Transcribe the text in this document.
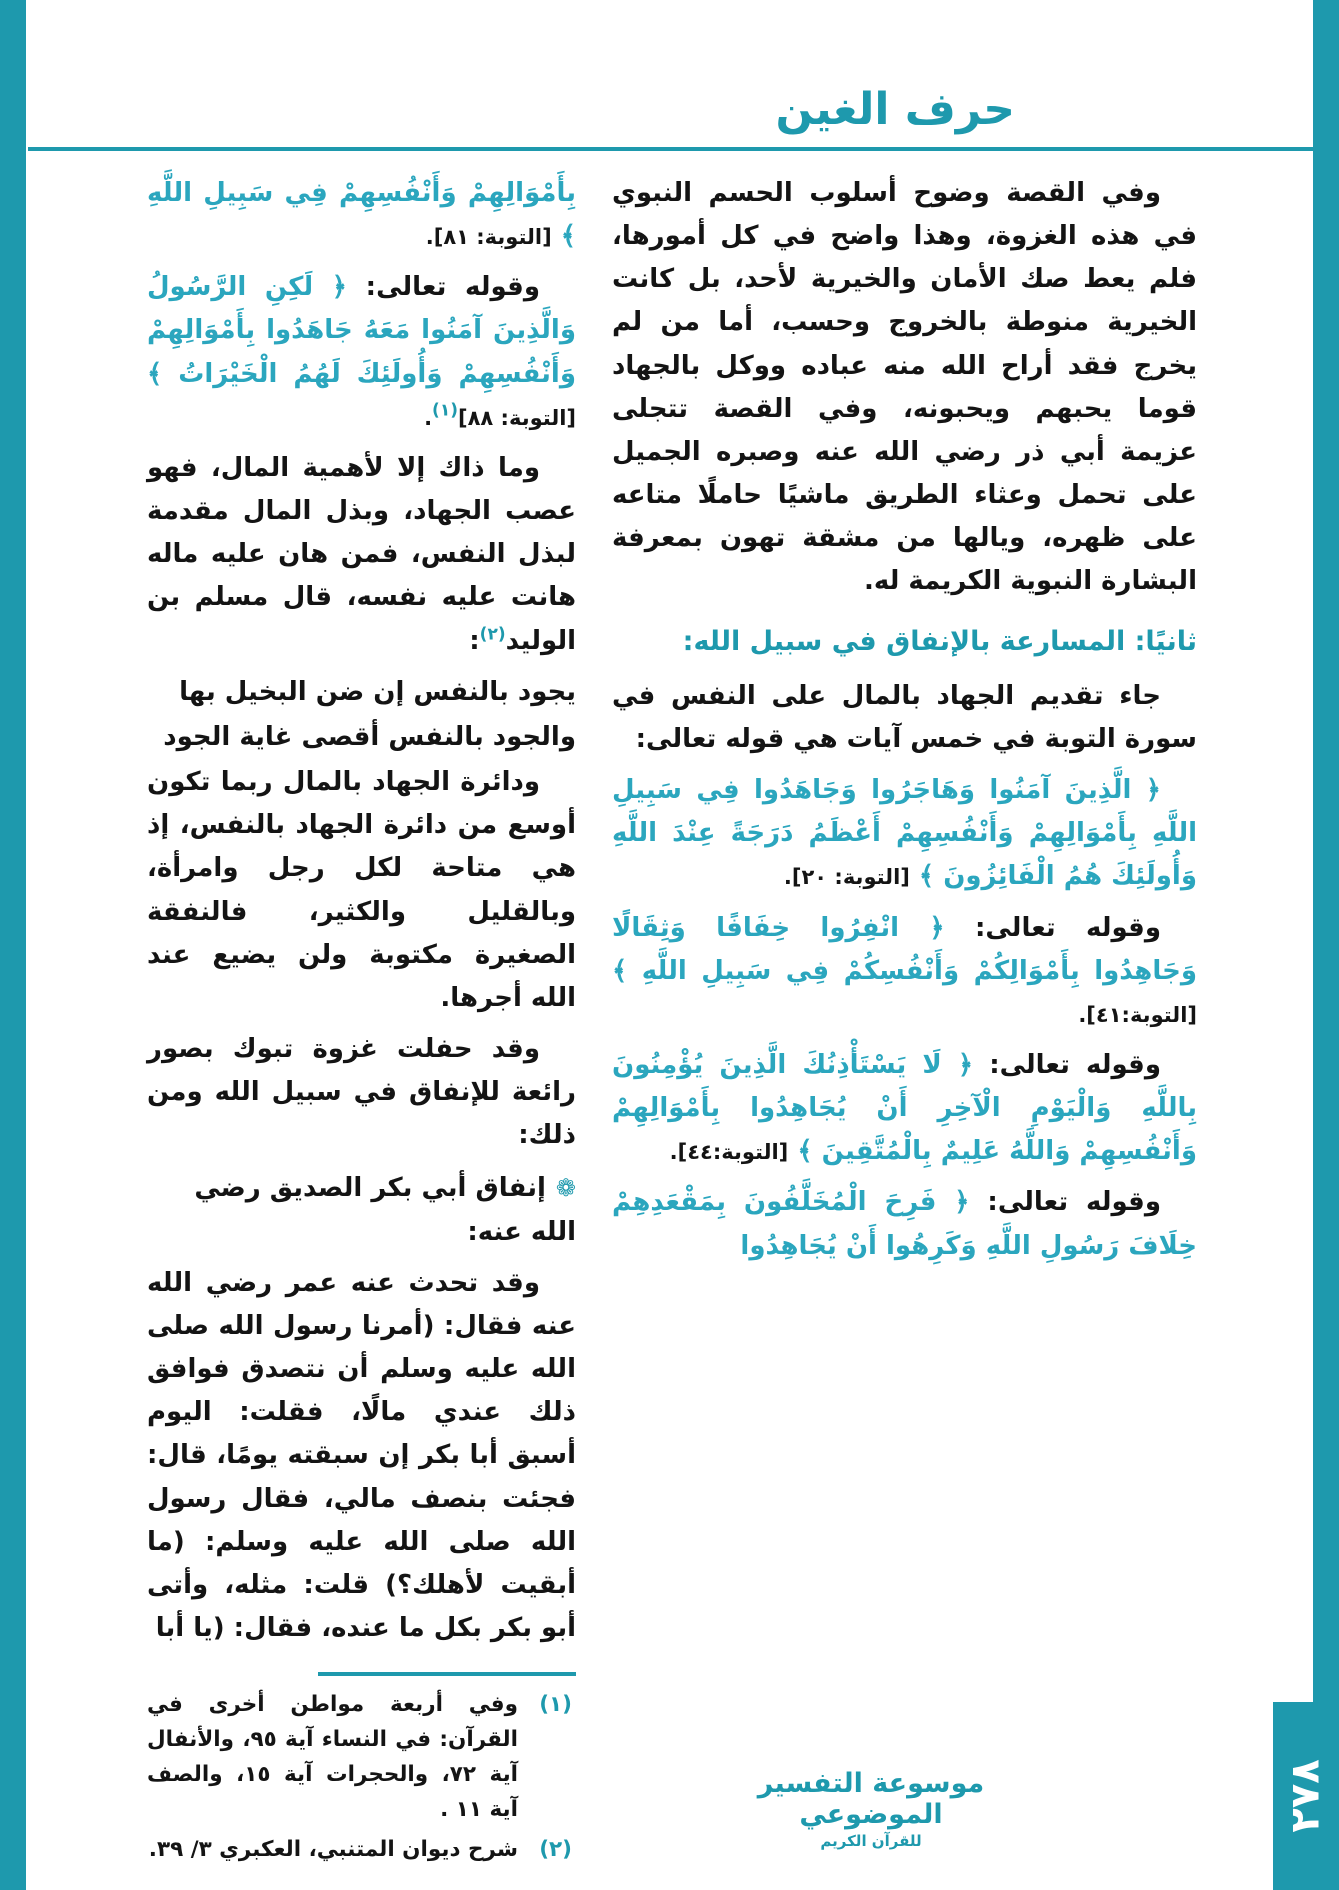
حرف الغين

وفي القصة وضوح أسلوب الحسم النبوي في هذه الغزوة، وهذا واضح في كل أمورها، فلم يعط صك الأمان والخيرية لأحد، بل كانت الخيرية منوطة بالخروج وحسب، أما من لم يخرج فقد أراح الله منه عباده ووكل بالجهاد قوما يحبهم ويحبونه، وفي القصة تتجلى عزيمة أبي ذر رضي الله عنه وصبره الجميل على تحمل وعثاء الطريق ماشيًا حاملًا متاعه على ظهره، ويالها من مشقة تهون بمعرفة البشارة النبوية الكريمة له.

ثانيًا: المسارعة بالإنفاق في سبيل الله:

جاء تقديم الجهاد بالمال على النفس في سورة التوبة في خمس آيات هي قوله تعالى:

﴿ الَّذِينَ آمَنُوا وَهَاجَرُوا وَجَاهَدُوا فِي سَبِيلِ اللَّهِ بِأَمْوَالِهِمْ وَأَنْفُسِهِمْ أَعْظَمُ دَرَجَةً عِنْدَ اللَّهِ وَأُولَئِكَ هُمُ الْفَائِزُونَ ﴾ [التوبة: ٢٠].

وقوله تعالى: ﴿ انْفِرُوا خِفَافًا وَثِقَالًا وَجَاهِدُوا بِأَمْوَالِكُمْ وَأَنْفُسِكُمْ فِي سَبِيلِ اللَّهِ ﴾ [التوبة:٤١].

وقوله تعالى: ﴿ لَا يَسْتَأْذِنُكَ الَّذِينَ يُؤْمِنُونَ بِاللَّهِ وَالْيَوْمِ الْآخِرِ أَنْ يُجَاهِدُوا بِأَمْوَالِهِمْ وَأَنْفُسِهِمْ وَاللَّهُ عَلِيمٌ بِالْمُتَّقِينَ ﴾ [التوبة:٤٤].

وقوله تعالى: ﴿ فَرِحَ الْمُخَلَّفُونَ بِمَقْعَدِهِمْ خِلَافَ رَسُولِ اللَّهِ وَكَرِهُوا أَنْ يُجَاهِدُوا

بِأَمْوَالِهِمْ وَأَنْفُسِهِمْ فِي سَبِيلِ اللَّهِ ﴾ [التوبة: ٨١].

وقوله تعالى: ﴿ لَكِنِ الرَّسُولُ وَالَّذِينَ آمَنُوا مَعَهُ جَاهَدُوا بِأَمْوَالِهِمْ وَأَنْفُسِهِمْ وَأُولَئِكَ لَهُمُ الْخَيْرَاتُ ﴾ [التوبة: ٨٨]$^{(١)}$.

وما ذاك إلا لأهمية المال، فهو عصب الجهاد، وبذل المال مقدمة لبذل النفس، فمن هان عليه ماله هانت عليه نفسه، قال مسلم بن الوليد$^{(٢)}$:

يجود بالنفس إن ضن البخيل بها

والجود بالنفس أقصى غاية الجود

ودائرة الجهاد بالمال ربما تكون أوسع من دائرة الجهاد بالنفس، إذ هي متاحة لكل رجل وامرأة، وبالقليل والكثير، فالنفقة الصغيرة مكتوبة ولن يضيع عند الله أجرها.

وقد حفلت غزوة تبوك بصور رائعة للإنفاق في سبيل الله ومن ذلك:

❁إنفاق أبي بكر الصديق رضي الله عنه:

وقد تحدث عنه عمر رضي الله عنه فقال: (أمرنا رسول الله صلى الله عليه وسلم أن نتصدق فوافق ذلك عندي مالًا، فقلت: اليوم أسبق أبا بكر إن سبقته يومًا، قال: فجئت بنصف مالي، فقال رسول الله صلى الله عليه وسلم: (ما أبقيت لأهلك؟) قلت: مثله، وأتى أبو بكر بكل ما عنده، فقال: (يا أبا

(١)
وفي أربعة مواطن أخرى في القرآن: في النساء آية ٩٥، والأنفال آية ٧٢، والحجرات آية ١٥، والصف آية ١١ .
(٢)
شرح ديوان المتنبي، العكبري ٣/ ٣٩.
موسوعة التفسير الموضوعي
للقرآن الكريم
٢٧٨
